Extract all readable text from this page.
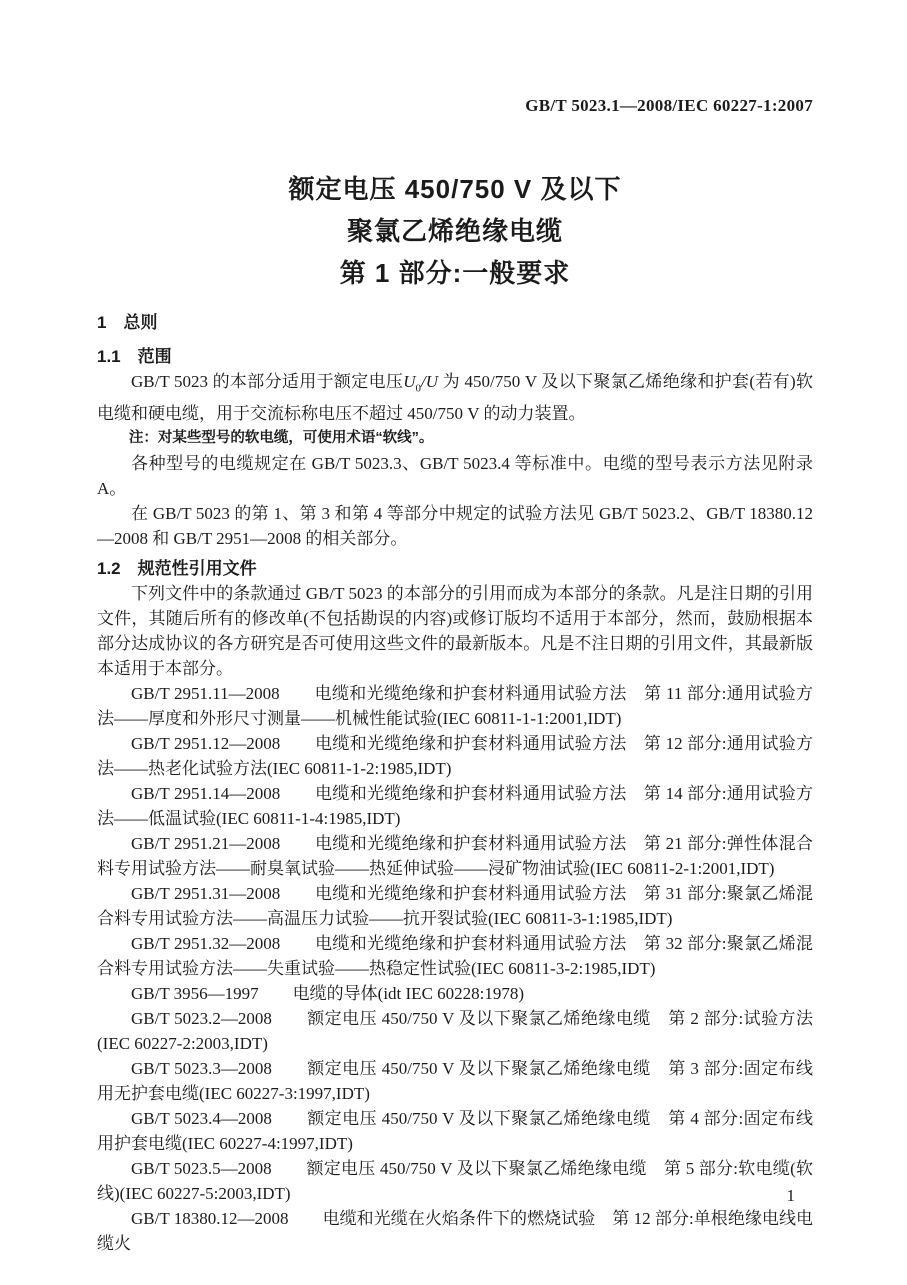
GB/T 5023.1—2008/IEC 60227-1:2007
额定电压 450/750 V 及以下
聚氯乙烯绝缘电缆
第 1 部分:一般要求
1　总则
1.1　范围

GB/T 5023 的本部分适用于额定电压$U_0/U$ 为 450/750 V 及以下聚氯乙烯绝缘和护套(若有)软电缆和硬电缆，用于交流标称电压不超过 450/750 V 的动力装置。

注：对某些型号的软电缆，可使用术语“软线”。

各种型号的电缆规定在 GB/T 5023.3、GB/T 5023.4 等标准中。电缆的型号表示方法见附录 A。

在 GB/T 5023 的第 1、第 3 和第 4 等部分中规定的试验方法见 GB/T 5023.2、GB/T 18380.12—2008 和 GB/T 2951—2008 的相关部分。

1.2　规范性引用文件

下列文件中的条款通过 GB/T 5023 的本部分的引用而成为本部分的条款。凡是注日期的引用文件，其随后所有的修改单(不包括勘误的内容)或修订版均不适用于本部分，然而，鼓励根据本部分达成协议的各方研究是否可使用这些文件的最新版本。凡是不注日期的引用文件，其最新版本适用于本部分。

GB/T 2951.11—2008　　电缆和光缆绝缘和护套材料通用试验方法　第 11 部分:通用试验方法——厚度和外形尺寸测量——机械性能试验(IEC 60811-1-1:2001,IDT)

GB/T 2951.12—2008　　电缆和光缆绝缘和护套材料通用试验方法　第 12 部分:通用试验方法——热老化试验方法(IEC 60811-1-2:1985,IDT)

GB/T 2951.14—2008　　电缆和光缆绝缘和护套材料通用试验方法　第 14 部分:通用试验方法——低温试验(IEC 60811-1-4:1985,IDT)

GB/T 2951.21—2008　　电缆和光缆绝缘和护套材料通用试验方法　第 21 部分:弹性体混合料专用试验方法——耐臭氧试验——热延伸试验——浸矿物油试验(IEC 60811-2-1:2001,IDT)

GB/T 2951.31—2008　　电缆和光缆绝缘和护套材料通用试验方法　第 31 部分:聚氯乙烯混合料专用试验方法——高温压力试验——抗开裂试验(IEC 60811-3-1:1985,IDT)

GB/T 2951.32—2008　　电缆和光缆绝缘和护套材料通用试验方法　第 32 部分:聚氯乙烯混合料专用试验方法——失重试验——热稳定性试验(IEC 60811-3-2:1985,IDT)

GB/T 3956—1997　　电缆的导体(idt IEC 60228:1978)

GB/T 5023.2—2008　　额定电压 450/750 V 及以下聚氯乙烯绝缘电缆　第 2 部分:试验方法(IEC 60227-2:2003,IDT)

GB/T 5023.3—2008　　额定电压 450/750 V 及以下聚氯乙烯绝缘电缆　第 3 部分:固定布线用无护套电缆(IEC 60227-3:1997,IDT)

GB/T 5023.4—2008　　额定电压 450/750 V 及以下聚氯乙烯绝缘电缆　第 4 部分:固定布线用护套电缆(IEC 60227-4:1997,IDT)

GB/T 5023.5—2008　　额定电压 450/750 V 及以下聚氯乙烯绝缘电缆　第 5 部分:软电缆(软线)(IEC 60227-5:2003,IDT)

GB/T 18380.12—2008　　电缆和光缆在火焰条件下的燃烧试验　第 12 部分:单根绝缘电线电缆火

1
